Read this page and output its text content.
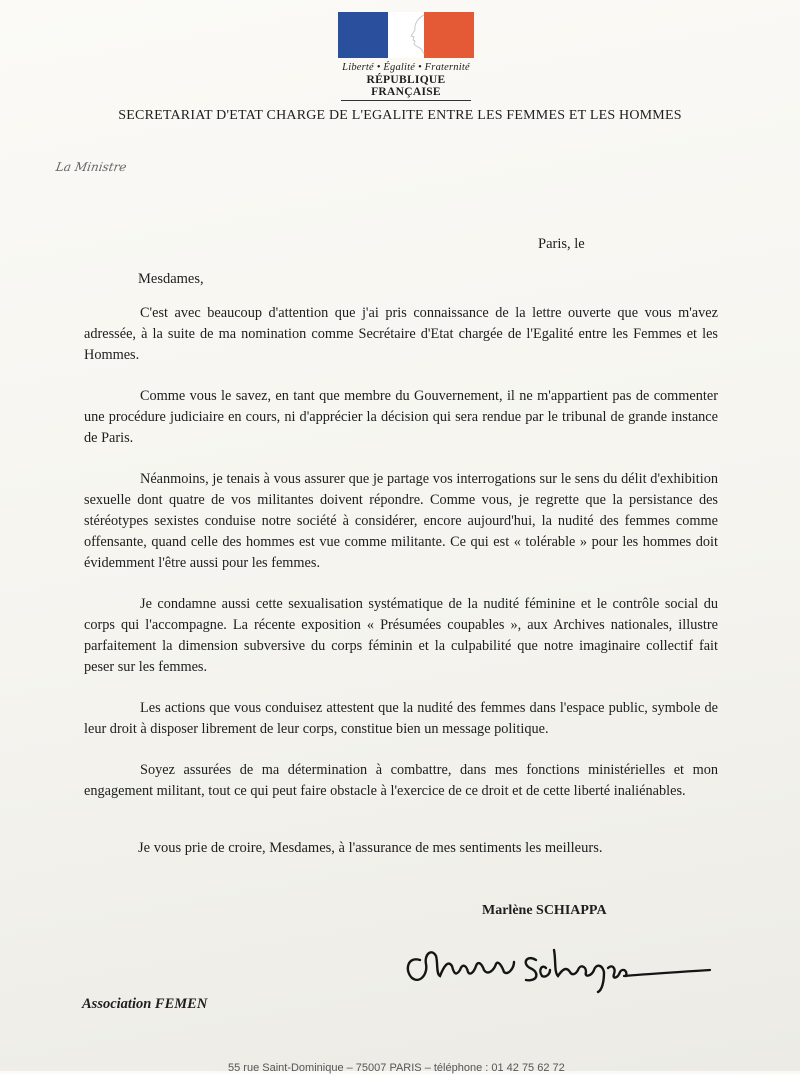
Liberté • Égalité • Fraternité
RÉPUBLIQUE FRANÇAISE
SECRETARIAT D'ETAT CHARGE DE L'EGALITE ENTRE LES FEMMES ET LES HOMMES
La Ministre
Paris, le
Mesdames,

C'est avec beaucoup d'attention que j'ai pris connaissance de la lettre ouverte que vous m'avez adressée, à la suite de ma nomination comme Secrétaire d'Etat chargée de l'Egalité entre les Femmes et les Hommes.

Comme vous le savez, en tant que membre du Gouvernement, il ne m'appartient pas de commenter une procédure judiciaire en cours, ni d'apprécier la décision qui sera rendue par le tribunal de grande instance de Paris.

Néanmoins, je tenais à vous assurer que je partage vos interrogations sur le sens du délit d'exhibition sexuelle dont quatre de vos militantes doivent répondre. Comme vous, je regrette que la persistance des stéréotypes sexistes conduise notre société à considérer, encore aujourd'hui, la nudité des femmes comme offensante, quand celle des hommes est vue comme militante. Ce qui est « tolérable » pour les hommes doit évidemment l'être aussi pour les femmes.

Je condamne aussi cette sexualisation systématique de la nudité féminine et le contrôle social du corps qui l'accompagne. La récente exposition « Présumées coupables », aux Archives nationales, illustre parfaitement la dimension subversive du corps féminin et la culpabilité que notre imaginaire collectif fait peser sur les femmes.

Les actions que vous conduisez attestent que la nudité des femmes dans l'espace public, symbole de leur droit à disposer librement de leur corps, constitue bien un message politique.

Soyez assurées de ma détermination à combattre, dans mes fonctions ministérielles et mon engagement militant, tout ce qui peut faire obstacle à l'exercice de ce droit et de cette liberté inaliénables.

Je vous prie de croire, Mesdames, à l'assurance de mes sentiments les meilleurs.
Marlène SCHIAPPA
Association FEMEN
55 rue Saint-Dominique – 75007 PARIS – téléphone : 01 42 75 62 72
